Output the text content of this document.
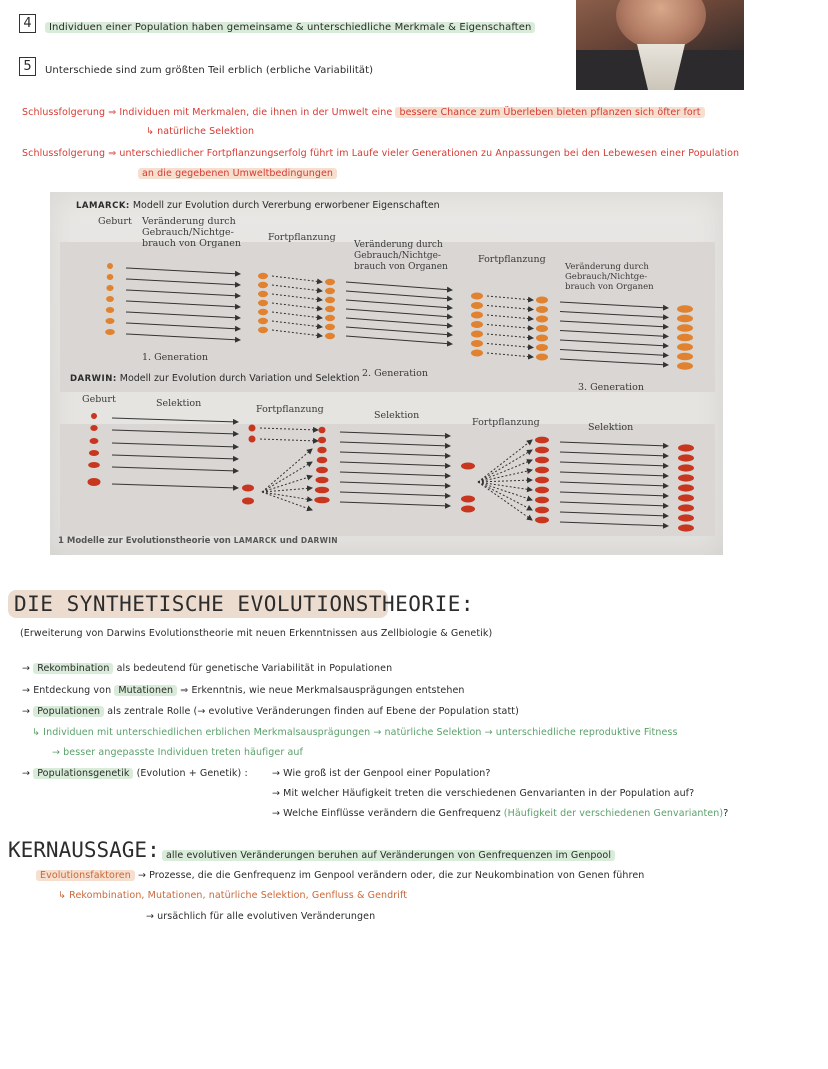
4	Individuen einer Population haben gemeinsame & unterschiedliche Merkmale & Eigenschaften
5	Unterschiede sind zum größten Teil erblich (erbliche Variabilität)
Schlussfolgerung ⇒ Individuen mit Merkmalen, die ihnen in der Umwelt eine bessere Chance zum Überleben bieten pflanzen sich öfter fort
↳ natürliche Selektion
Schlussfolgerung ⇒ unterschiedlicher Fortpflanzungserfolg führt im Laufe vieler Generationen zu Anpassungen bei den Lebewesen einer Population
an die gegebenen Umweltbedingungen
LAMARCK: Modell zur Evolution durch Vererbung erworbener Eigenschaften
Geburt Veränderung durch
Gebrauch/Nichtge-
brauch von Organen
Fortpflanzung
Veränderung durch
Gebrauch/Nichtge-
brauch von Organen
Fortpflanzung
Veränderung durch
Gebrauch/Nichtge-
brauch von Organen
1. Generation
2. Generation
3. Generation
DARWIN: Modell zur Evolution durch Variation und Selektion
Geburt	Selektion
Fortpflanzung
Selektion
Fortpflanzung	Selektion
1 Modelle zur Evolutionstheorie von LAMARCK und DARWIN
DIE SYNTHETISCHE EVOLUTIONSTHEORIE:
(Erweiterung von Darwins Evolutionstheorie mit neuen Erkenntnissen aus Zellbiologie & Genetik)
→ Rekombination als bedeutend für genetische Variabilität in Populationen
→ Entdeckung von Mutationen ⇒ Erkenntnis, wie neue Merkmalsausprägungen entstehen
→ Populationen als zentrale Rolle (→ evolutive Veränderungen finden auf Ebene der Population statt)
↳ Individuen mit unterschiedlichen erblichen Merkmalsausprägungen → natürliche Selektion → unterschiedliche reproduktive Fitness
→ besser angepasste Individuen treten häufiger auf
→ Populationsgenetik (Evolution + Genetik) :	→ Wie groß ist der Genpool einer Population?
→ Mit welcher Häufigkeit treten die verschiedenen Genvarianten in der Population auf?
→ Welche Einflüsse verändern die Genfrequenz (Häufigkeit der verschiedenen Genvarianten)?
KERNAUSSAGE: alle evolutiven Veränderungen beruhen auf Veränderungen von Genfrequenzen im Genpool
Evolutionsfaktoren → Prozesse, die die Genfrequenz im Genpool verändern oder, die zur Neukombination von Genen führen
↳ Rekombination, Mutationen, natürliche Selektion, Genfluss & Gendrift
→ ursächlich für alle evolutiven Veränderungen
